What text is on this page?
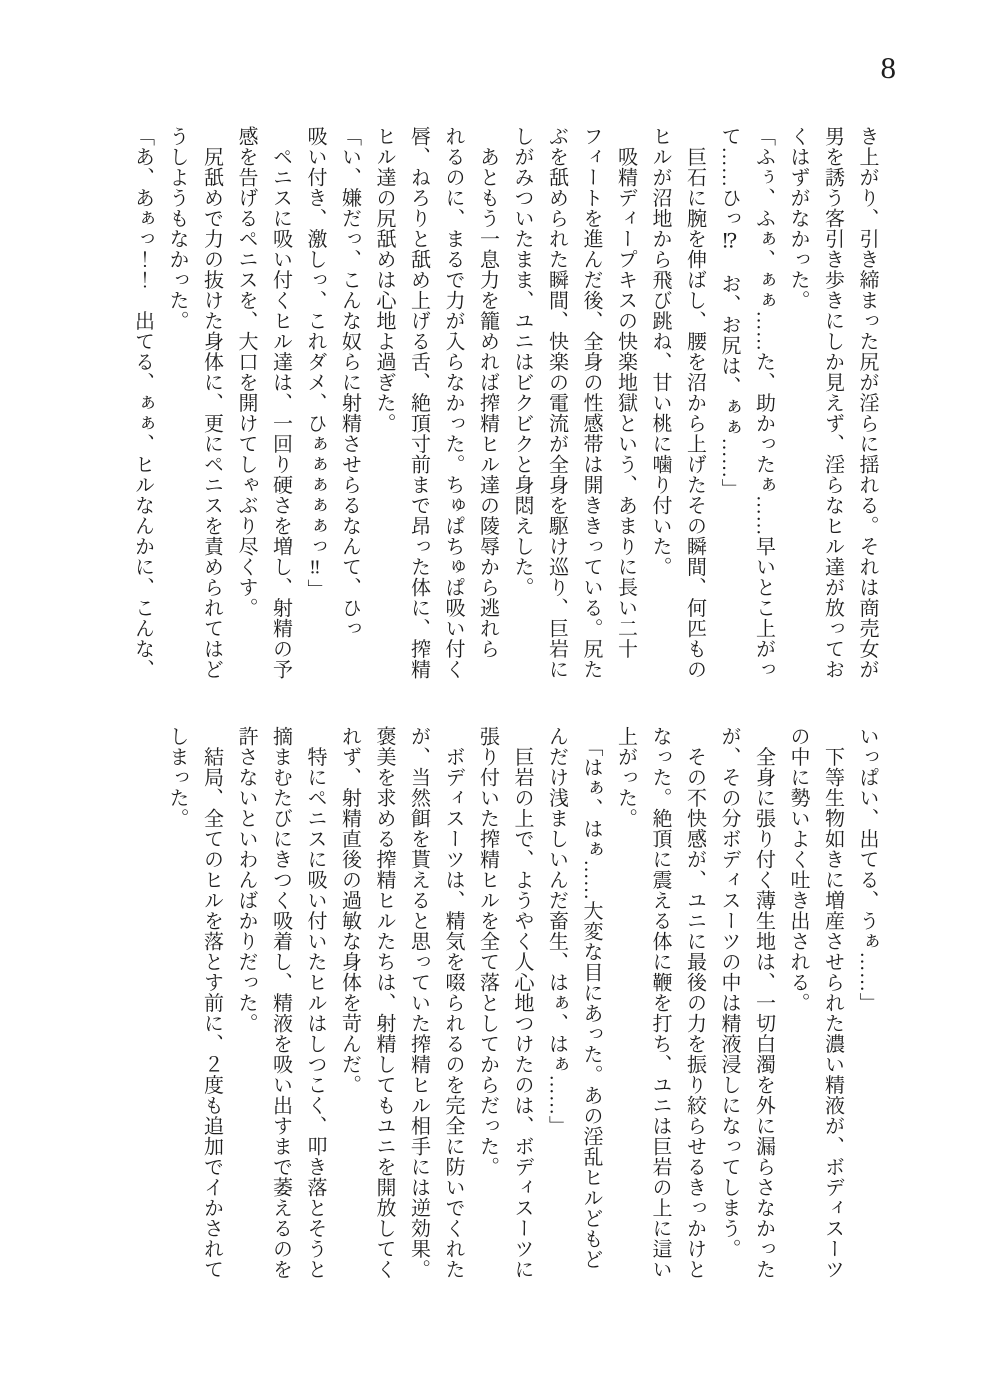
8

き上がり、引き締まった尻が淫らに揺れる。それは商売女が

男を誘う客引き歩きにしか見えず、淫らなヒル達が放ってお

くはずがなかった。

「ふぅ、ふぁ、ぁぁ……た、助かったぁ……早いとこ上がっ

て……ひっ⁉　お、お尻は、ぁぁ……」

　巨石に腕を伸ばし、腰を沼から上げたその瞬間、何匹もの

ヒルが沼地から飛び跳ね、甘い桃に噛り付いた。

　吸精ディープキスの快楽地獄という、あまりに長い二十

フィートを進んだ後、全身の性感帯は開ききっている。尻た

ぶを舐められた瞬間、快楽の電流が全身を駆け巡り、巨岩に

しがみついたまま、ユニはビクビクと身悶えした。

　あともう一息力を籠めれば搾精ヒル達の陵辱から逃れら

れるのに、まるで力が入らなかった。ちゅぱちゅぱ吸い付く

唇、ねろりと舐め上げる舌、絶頂寸前まで昂った体に、搾精

ヒル達の尻舐めは心地よ過ぎた。

「い、嫌だっ、こんな奴らに射精させらるなんて、ひっ

吸い付き、激しっ、これダメ、ひぁぁぁぁぁっ‼」

　ペニスに吸い付くヒル達は、一回り硬さを増し、射精の予

感を告げるペニスを、大口を開けてしゃぶり尽くす。

　尻舐めで力の抜けた身体に、更にペニスを責められてはど

うしようもなかった。

「あ、あぁっ！！　出てる、ぁぁ、ヒルなんかに、こんな、

いっぱい、出てる、うぁ……」

　下等生物如きに増産させられた濃い精液が、ボディスーツ

の中に勢いよく吐き出される。

　全身に張り付く薄生地は、一切白濁を外に漏らさなかった

が、その分ボディスーツの中は精液浸しになってしまう。

　その不快感が、ユニに最後の力を振り絞らせるきっかけと

なった。絶頂に震える体に鞭を打ち、ユニは巨岩の上に這い

上がった。

　「はぁ、はぁ……大変な目にあった。あの淫乱ヒルどもど

んだけ浅ましいんだ畜生、はぁ、はぁ……」

　巨岩の上で、ようやく人心地つけたのは、ボディスーツに

張り付いた搾精ヒルを全て落としてからだった。

　ボディスーツは、精気を啜られるのを完全に防いでくれた

が、当然餌を貰えると思っていた搾精ヒル相手には逆効果。

褒美を求める搾精ヒルたちは、射精してもユニを開放してく

れず、射精直後の過敏な身体を苛んだ。

　特にペニスに吸い付いたヒルはしつこく、叩き落とそうと

摘まむたびにきつく吸着し、精液を吸い出すまで萎えるのを

許さないといわんばかりだった。

　結局、全てのヒルを落とす前に、２度も追加でイかされて

しまった。
